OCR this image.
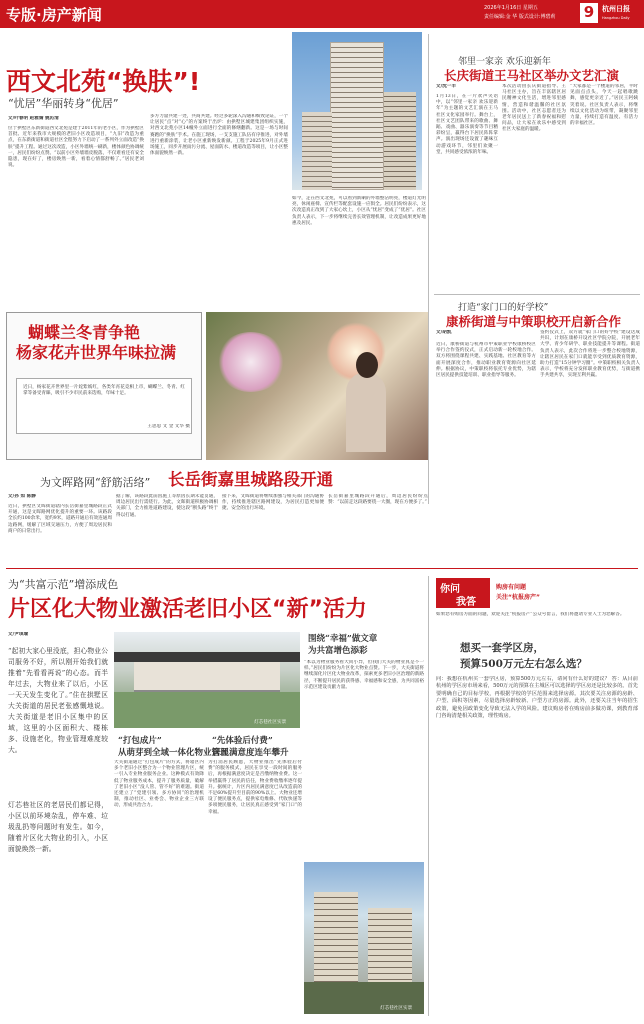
专版·房产新闻	2026年1月16日 星期五
责任编辑:金 华 版式设计:傅碧莉 9	杭州日报
Hangzhou Daily
西文北苑“换肤”!
“忧居”华丽转身“优居”
文/叶春明 赵雅婧 姚沁清
位于拱墅区东新街道西文北苑是建于2011年的老小区，作为拱墅区首批、近年来我市大规模的老旧小区改造项目，“九旧”改造为重点，在东新街道和街道社区全程努力下启动了一系列外立面改造“换肤”提升工程。通过这次改造，小区外墙统一刷新，楼体颜色协调统一，居民们纷纷点赞。“以前小区外墙墙皮脱落，不仅难看还有安全隐患，现在好了，楼房焕然一新，看着心情都舒畅了。”居民老刘说。
多方力量共建一处，共商共建。经过多轮深入沟通和细致论证，一个让居民“点”对“心”的方案终于出炉：由拱墅区城建集团组织实施，对西文北苑小区14幢外立面进行全面的修缮翻新。这是一场与时间赛跑的“换肤”手术。在施工现场，一支支施工队伍有序推进，对外墙进行重新涂装，让老小区重新焕发新颜。工程于2025年9月正式进场施工，同步开展雨污分流、屋面防水、楼道改造等项目，让小区整体面貌焕然一新。
如今，走在西文北苑，可以看到新刷的外墙整洁明亮，楼道灯光明亮，休闲座椅、宣传栏等配套设施一应俱全。居民们纷纷表示，这次改造真正改到了大家心坎上，小区从“忧居”变成了“优居”。社区负责人表示，下一步将继续完善长效管理机制，让改造成果更好地惠及居民。
邻里一家亲 欢乐迎新年
长庆街道王马社区举办文艺汇演
文/沈一丰
1月13日，在一片欢声笑语中，以“邻里一家亲 欢乐迎新年”为主题的文艺汇演在王马社区文化家园举行。舞台上，社区文艺团队带来的歌曲、舞蹈、戏曲、器乐演奏等节目精彩纷呈，赢得台下居民阵阵掌声。演出现场还设置了趣味互动游戏环节，邻里们欢聚一堂，共同感受浓浓的年味。
本次活动由长庆街道指导、王马社区主办，旨在丰富辖区居民精神文化生活，增进邻里感情，营造和谐温馨的社区氛围。活动中，社区志愿者还为老年居民送上了新春祝福和慰问品，让大家在欢乐中感受到社区大家庭的温暖。
“大家都是一个楼道的邻居，平时见面点点头，今天一起唱歌跳舞，感觉更亲近了。”居民王阿姨笑着说。社区负责人表示，将继续以文化活动为纽带，凝聚邻里力量，持续打造有温度、有活力的幸福社区。
打造“家门口的好学校”
康桥街道与中策职校开启新合作
文/胡凯
近日，康桥街道与杭州市中策职业学校康桥校区举行合作签约仪式，正式启动新一轮校地合作。双方将围绕课程共建、实践基地、社区教育等方面开展深度合作，推动职业教育资源向社区延伸。根据协议，中策职校将依托专业优势，为辖区居民提供技能培训、职业指导等服务。
签约仪式上，双方就“家门口的好学校”建设达成共识，计划在康桥开设社区学院分院，开展老年大学、青少年研学、职业技能提升等课程。街道负责人表示，此次合作将进一步整合校地资源，让辖区居民在家门口就能享受到优质教育资源，助力打造“15分钟学习圈”。中策职校相关负责人表示，学校将充分发挥职业教育优势，与街道携手共建共享，实现互利共赢。
蝴蝶兰冬青争艳
杨家花卉世界年味拉满
近日，杨家花卉世界里一片姹紫嫣红，各类年宵花竞相上市，蝴蝶兰、冬青、红掌等备受青睐，吸引不少市民前来选购，年味十足。
王思思 文 金 文华 摄
为文晖路网“舒筋活络” 长岳街嘉里城路段开通
文/孙 如 陈静
近日，拱墅区文晖街道辖内长岳街嘉里城路段正式开通，这是文晖路网优化提升的重要一环。该路段全长约100余米，宽约9米，道路开通后有效连通周边路网，缓解了区域交通压力，方便了周边居民和商户的日常出行。
据了解，该路段此前因施工等原因长期未能贯通，周边居民出行需绕行。为此，文晖街道积极协调相关部门，全力推进道路建设，使这段“断头路”终于得以打通。
接下来，文晖街道将继续加强与相关部门的沟通协作，持续推进辖区路网建设，为居民打造更加便捷、安全的出行环境。
长岳街嘉里城路段开通后，周边居民纷纷点赞：“以前走这段路要绕一大圈，现在方便多了。”
为“共富示范”增添成色
片区化大物业激活老旧小区“新”活力
文/尹琪瑜
“起初大家心里没底，担心物业公司服务不好，所以刚开始我们就推着“先看看再说”的心态。而半年过去，大物业来了以后，小区一天天发生变化了。”住在拱墅区大关街道的居民老张感慨地说。大关街道是老旧小区集中的区域，这里的小区面积大、楼栋多、设施老化，物业管理难度较大。
灯芯巷社区的老居民们都记得，小区以前环境杂乱，停车难、垃圾乱扔等问题时有发生。如今，随着片区化大物业的引入，小区面貌焕然一新。
灯芯巷社区实景
“打包成片”
从萌芽到全域一体化物业管理
大关街道通过“打包成片”的方式，将辖区内多个老旧小区整合为一个物业管理片区，统一引入专业物业服务企业。这种模式有效降低了物业服务成本，提升了服务质量，破解了老旧小区“没人管、管不好”的难题。街道还建立了“党建引领、多方协同”的治理机制，推动社区、业委会、物业企业三方联动，形成共治合力。
“先体验后付费”
居民满意度连年攀升
为打消居民顾虑，大物业推出“先体验后付费”的服务模式，居民在享受一段时间的服务后，再根据满意度决定是否缴纳物业费。这一举措赢得了居民的信任，物业费收缴率逐年提升。据统计，片区内居民满意度已从改造前的不足60%提升至目前的90%以上。大物业还增设了便民服务点，提供家电维修、代收快递等多项便民服务，让居民真正感受到“家门口”的幸福。
围绕“幸福”做文章
为共富增色添彩
“本以为物业服务看大同小异，但我们大关的物业真是不一样。”居民们纷纷为片区化大物业点赞。下一步，大关街道将继续深化片区化大物业改革，探索更多老旧小区治理的新路径，不断提升居民的获得感、幸福感和安全感，为共同富裕示范区建设贡献力量。
灯芯巷社区实景
你问
我答
购房有问题
关注“杭报房产”
如果您有购房方面的问题，欢迎关注“杭报房产”公众号留言，我们将邀请专业人士为您解答。
想买一套学区房，
预算500万元左右怎么选？
问：我想在杭州买一套学区房，预算500万元左右，请问有什么好的建议？ 答：从目前杭州的学区房市场来看，500万元的预算在主城区可以选择的学区房还是比较多的。首先要明确自己的目标学校，再根据学校的学区范围来选择房源。其次要关注房源的房龄、户型、面积等因素，尽量选择房龄较新、户型方正的房源。此外，还要关注当年的招生政策，避免因政策变化导致无法入学的风险。建议购房者在购房前多做功课，到教育部门咨询清楚相关政策，理性购房。
